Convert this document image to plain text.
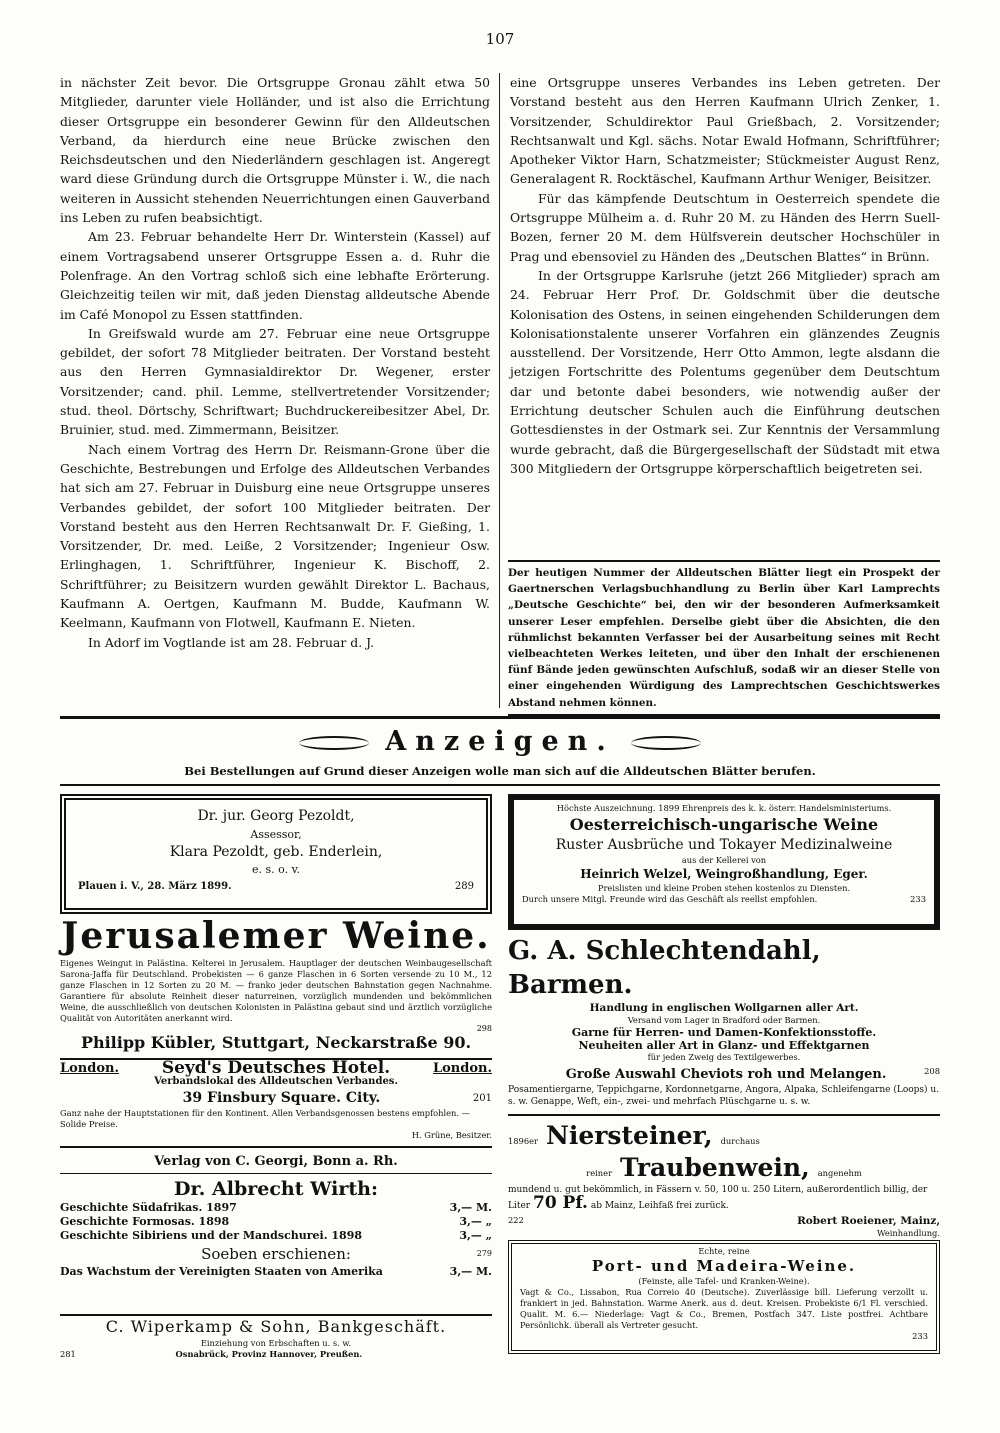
107

in nächster Zeit bevor. Die Ortsgruppe Gronau zählt etwa 50 Mitglieder, darunter viele Holländer, und ist also die Errichtung dieser Ortsgruppe ein besonderer Gewinn für den Alldeutschen Verband, da hierdurch eine neue Brücke zwischen den Reichsdeutschen und den Niederländern geschlagen ist. Angeregt ward diese Gründung durch die Ortsgruppe Münster i. W., die nach weiteren in Aussicht stehenden Neuerrichtungen einen Gauverband ins Leben zu rufen beabsichtigt.

Am 23. Februar behandelte Herr Dr. Winterstein (Kassel) auf einem Vortragsabend unserer Ortsgruppe Essen a. d. Ruhr die Polenfrage. An den Vortrag schloß sich eine lebhafte Erörterung. Gleichzeitig teilen wir mit, daß jeden Dienstag alldeutsche Abende im Café Monopol zu Essen stattfinden.

In Greifswald wurde am 27. Februar eine neue Ortsgruppe gebildet, der sofort 78 Mitglieder beitraten. Der Vorstand besteht aus den Herren Gymnasialdirektor Dr. Wegener, erster Vorsitzender; cand. phil. Lemme, stellvertretender Vorsitzender; stud. theol. Dörtschy, Schriftwart; Buchdruckereibesitzer Abel, Dr. Bruinier, stud. med. Zimmermann, Beisitzer.

Nach einem Vortrag des Herrn Dr. Reismann-Grone über die Geschichte, Bestrebungen und Erfolge des Alldeutschen Verbandes hat sich am 27. Februar in Duisburg eine neue Ortsgruppe unseres Verbandes gebildet, der sofort 100 Mitglieder beitraten. Der Vorstand besteht aus den Herren Rechtsanwalt Dr. F. Gießing, 1. Vorsitzender, Dr. med. Leiße, 2 Vorsitzender; Ingenieur Osw. Erlinghagen, 1. Schriftführer, Ingenieur K. Bischoff, 2. Schriftführer; zu Beisitzern wurden gewählt Direktor L. Bachaus, Kaufmann A. Oertgen, Kaufmann M. Budde, Kaufmann W. Keelmann, Kaufmann von Flotwell, Kaufmann E. Nieten.

In Adorf im Vogtlande ist am 28. Februar d. J.

eine Ortsgruppe unseres Verbandes ins Leben getreten. Der Vorstand besteht aus den Herren Kaufmann Ulrich Zenker, 1. Vorsitzender, Schuldirektor Paul Grießbach, 2. Vorsitzender; Rechtsanwalt und Kgl. sächs. Notar Ewald Hofmann, Schriftführer; Apotheker Viktor Harn, Schatzmeister; Stückmeister August Renz, Generalagent R. Rocktäschel, Kaufmann Arthur Weniger, Beisitzer.

Für das kämpfende Deutschtum in Oesterreich spendete die Ortsgruppe Mülheim a. d. Ruhr 20 M. zu Händen des Herrn Suell-Bozen, ferner 20 M. dem Hülfsverein deutscher Hochschüler in Prag und ebensoviel zu Händen des „Deutschen Blattes“ in Brünn.

In der Ortsgruppe Karlsruhe (jetzt 266 Mitglieder) sprach am 24. Februar Herr Prof. Dr. Goldschmit über die deutsche Kolonisation des Ostens, in seinen eingehenden Schilderungen dem Kolonisationstalente unserer Vorfahren ein glänzendes Zeugnis ausstellend. Der Vorsitzende, Herr Otto Ammon, legte alsdann die jetzigen Fortschritte des Polentums gegenüber dem Deutschtum dar und betonte dabei besonders, wie notwendig außer der Errichtung deutscher Schulen auch die Einführung deutschen Gottesdienstes in der Ostmark sei. Zur Kenntnis der Versammlung wurde gebracht, daß die Bürgergesellschaft der Südstadt mit etwa 300 Mitgliedern der Ortsgruppe körperschaftlich beigetreten sei.

Der heutigen Nummer der Alldeutschen Blätter liegt ein Prospekt der Gaertnerschen Verlagsbuchhandlung zu Berlin über Karl Lamprechts „Deutsche Geschichte“ bei, den wir der besonderen Aufmerksamkeit unserer Leser empfehlen. Derselbe giebt über die Absichten, die den rühmlichst bekannten Verfasser bei der Ausarbeitung seines mit Recht vielbeachteten Werkes leiteten, und über den Inhalt der erschienenen fünf Bände jeden gewünschten Aufschluß, sodaß wir an dieser Stelle von einer eingehenden Würdigung des Lamprechtschen Geschichtswerkes Abstand nehmen können.
Anzeigen.
Bei Bestellungen auf Grund dieser Anzeigen wolle man sich auf die Alldeutschen Blätter berufen.
Dr. jur. Georg Pezoldt,
Assessor,
Klara Pezoldt, geb. Enderlein,
e. s. o. v.
Plauen i. V., 28. März 1899.	289
Jerusalemer Weine.
Eigenes Weingut in Palästina. Kelterei in Jerusalem. Hauptlager der deutschen Weinbaugesellschaft Sarona-Jaffa für Deutschland. Probekisten — 6 ganze Flaschen in 6 Sorten versende zu 10 M., 12 ganze Flaschen in 12 Sorten zu 20 M. — franko jeder deutschen Bahnstation gegen Nachnahme. Garantiere für absolute Reinheit dieser naturreinen, vorzüglich mundenden und bekömmlichen Weine, die ausschließlich von deutschen Kolonisten in Palästina gebaut sind und ärztlich vorzügliche Qualität von Autoritäten anerkannt wird.
298
Philipp Kübler, Stuttgart, Neckarstraße 90.
London.	Seyd's Deutsches Hotel.	London.
Verbandslokal des Alldeutschen Verbandes.
39 Finsbury Square. City.	201
Ganz nahe der Hauptstationen für den Kontinent. Allen Verbandsgenossen bestens empfohlen. — Solide Preise.
H. Grüne, Besitzer.
Verlag von C. Georgi, Bonn a. Rh.
Dr. Albrecht Wirth:
Geschichte Südafrikas. 1897	3,— M.
Geschichte Formosas. 1898	3,— „
Geschichte Sibiriens und der Mandschurei. 1898	3,— „
Soeben erschienen:	279
Das Wachstum der Vereinigten Staaten von Amerika	3,— M.
C. Wiperkamp & Sohn, Bankgeschäft.
Einziehung von Erbschaften u. s. w.
281	Osnabrück, Provinz Hannover, Preußen.
Höchste Auszeichnung. 1899 Ehrenpreis des k. k. österr. Handelsministeriums.
Oesterreichisch-ungarische Weine
Ruster Ausbrüche und Tokayer Medizinalweine
aus der Kellerei von
Heinrich Welzel, Weingroßhandlung, Eger.
Preislisten und kleine Proben stehen kostenlos zu Diensten.
Durch unsere Mitgl. Freunde wird das Geschäft als reellst empfohlen.	233
G. A. Schlechtendahl, Barmen.
Handlung in englischen Wollgarnen aller Art.
Versand vom Lager in Bradford oder Barmen.
Garne für Herren- und Damen-Konfektionsstoffe.
Neuheiten aller Art in Glanz- und Effektgarnen
für jeden Zweig des Textilgewerbes.
Große Auswahl Cheviots roh und Melangen.	208
Posamentiergarne, Teppichgarne, Kordonnetgarne, Angora, Alpaka, Schleifengarne (Loops) u. s. w. Genappe, Weft, ein-, zwei- und mehrfach Plüschgarne u. s. w.
1896er Niersteiner, durchaus
reiner Traubenwein, angenehm
mundend u. gut bekömmlich, in Fässern v. 50, 100 u. 250 Litern, außerordentlich billig, der Liter 70 Pf. ab Mainz, Leihfaß frei zurück.
222	Robert Roeiener, Mainz,
Weinhandlung.
Echte, reine
Port- und Madeira-Weine.
(Feinste, alle Tafel- und Kranken-Weine).
Vagt & Co., Lissabon, Rua Correio 40 (Deutsche). Zuverlässige bill. Lieferung verzollt u. frankiert in jed. Bahnstation. Warme Anerk. aus d. deut. Kreisen. Probekiste 6/1 Fl. verschied. Qualit. M. 6.— Niederlage: Vagt & Co., Bremen, Postfach 347. Liste postfrei. Achtbare Persönlichk. überall als Vertreter gesucht.
233
